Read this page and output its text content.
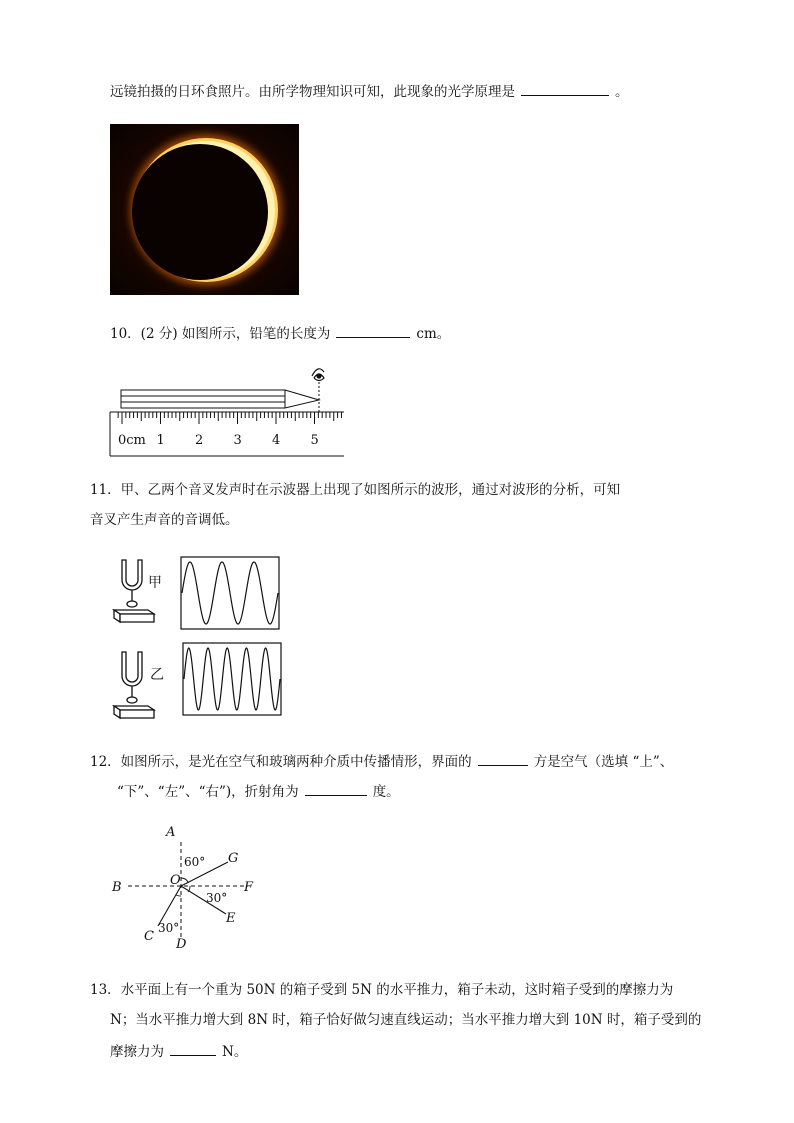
远镜拍摄的日环食照片。由所学物理知识可知，此现象的光学原理是	。
10．(2 分) 如图所示，铅笔的长度为	cm。
0cm 1 2 3 4 5
11．甲、乙两个音叉发声时在示波器上出现了如图所示的波形，通过对波形的分析，可知
音叉产生声音的音调低。
甲
乙
12．如图所示，是光在空气和玻璃两种介质中传播情形，界面的	方是空气（选填 “上”、
“下”、“左”、“右”)，折射角为	度。
A
B
C
D
E
F
G
O
60°
30°
30°
13．水平面上有一个重为 50N 的箱子受到 5N 的水平推力，箱子未动，这时箱子受到的摩擦力为
N；当水平推力增大到 8N 时，箱子恰好做匀速直线运动；当水平推力增大到 10N 时，箱子受到的
摩擦力为	N。
